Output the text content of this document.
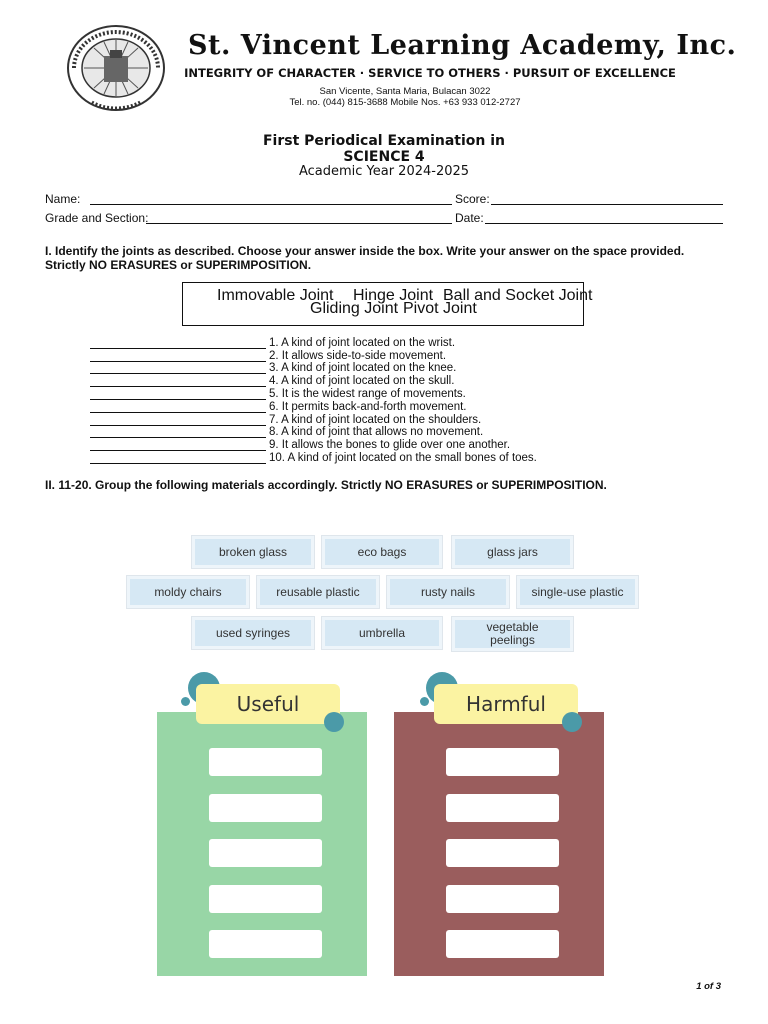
St. Vincent Learning Academy, Inc.
INTEGRITY OF CHARACTER · SERVICE TO OTHERS · PURSUIT OF EXCELLENCE
San Vicente, Santa Maria, Bulacan 3022
Tel. no. (044) 815-3688 Mobile Nos. +63 933 012-2727
First Periodical Examination in
SCIENCE 4
Academic Year 2024-2025
Name:	Score:
Grade and Section:	Date:
I. Identify the joints as described. Choose your answer inside the box. Write your answer on the space provided. Strictly NO ERASURES or SUPERIMPOSITION.
Immovable Joint Hinge Joint Ball and Socket Joint
Gliding Joint Pivot Joint
1. A kind of joint located on the wrist.
2. It allows side-to-side movement.
3. A kind of joint located on the knee.
4. A kind of joint located on the skull.
5. It is the widest range of movements.
6. It permits back-and-forth movement.
7. A kind of joint located on the shoulders.
8. A kind of joint that allows no movement.
9. It allows the bones to glide over one another.
10. A kind of joint located on the small bones of toes.
II. 11-20. Group the following materials accordingly. Strictly NO ERASURES or SUPERIMPOSITION.
broken glass	eco bags	glass jars
moldy chairs	reusable plastic	rusty nails	single-use plastic
used syringes	umbrella	vegetable peelings
Useful	Harmful
1 of 3
